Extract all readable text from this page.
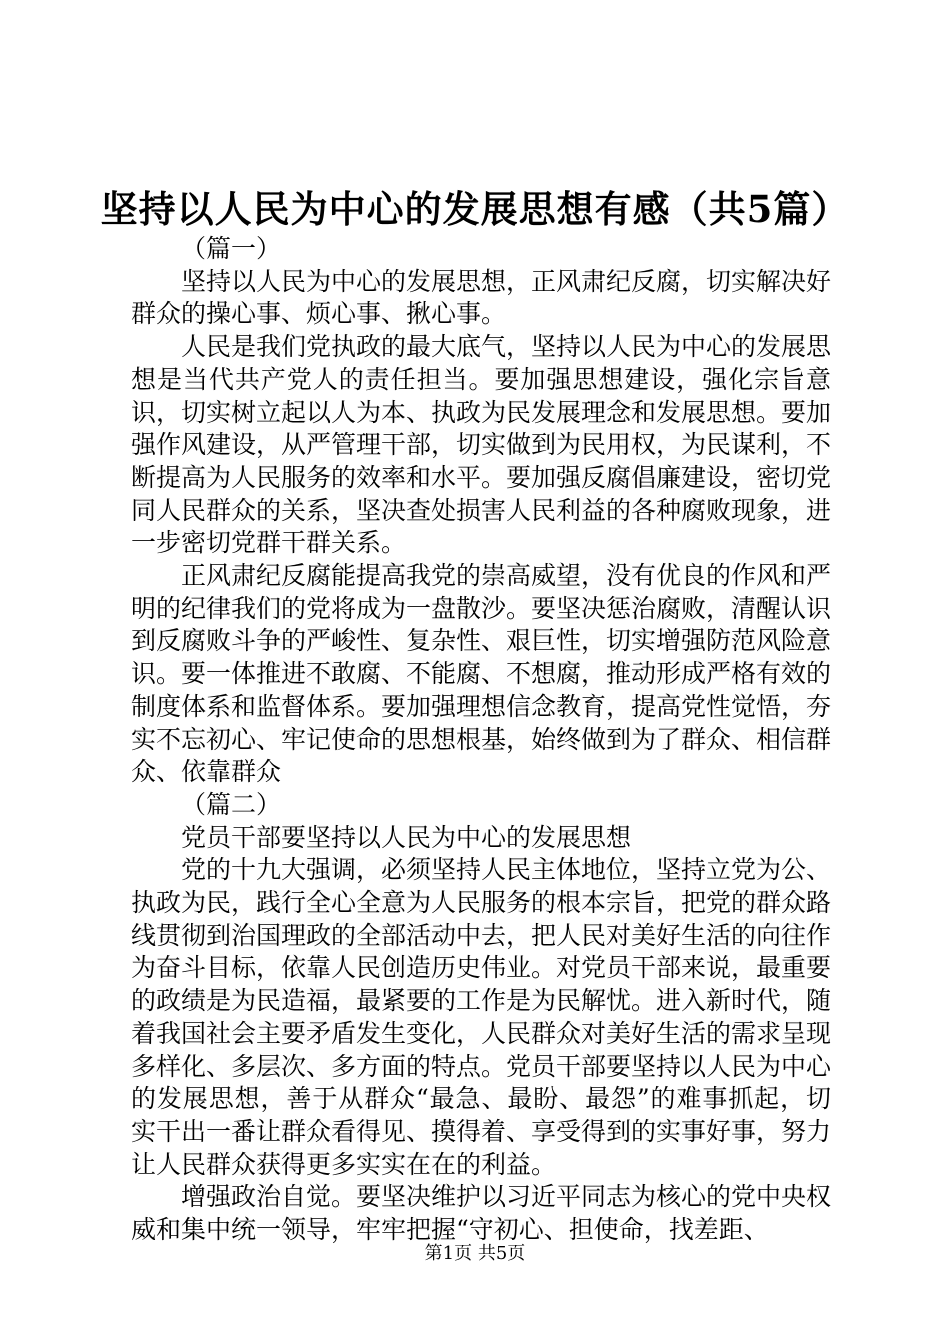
坚持以人民为中心的发展思想有感（共5篇）

（篇一）

坚持以人民为中心的发展思想，正风肃纪反腐，切实解决好群众的操心事、烦心事、揪心事。

人民是我们党执政的最大底气，坚持以人民为中心的发展思想是当代共产党人的责任担当。要加强思想建设，强化宗旨意识，切实树立起以人为本、执政为民发展理念和发展思想。要加强作风建设，从严管理干部，切实做到为民用权，为民谋利，不断提高为人民服务的效率和水平。要加强反腐倡廉建设，密切党同人民群众的关系，坚决查处损害人民利益的各种腐败现象，进一步密切党群干群关系。

正风肃纪反腐能提高我党的崇高威望，没有优良的作风和严明的纪律我们的党将成为一盘散沙。要坚决惩治腐败，清醒认识到反腐败斗争的严峻性、复杂性、艰巨性，切实增强防范风险意识。要一体推进不敢腐、不能腐、不想腐，推动形成严格有效的制度体系和监督体系。要加强理想信念教育，提高党性觉悟，夯实不忘初心、牢记使命的思想根基，始终做到为了群众、相信群众、依靠群众

（篇二）

党员干部要坚持以人民为中心的发展思想

党的十九大强调，必须坚持人民主体地位，坚持立党为公、执政为民，践行全心全意为人民服务的根本宗旨，把党的群众路线贯彻到治国理政的全部活动中去，把人民对美好生活的向往作为奋斗目标，依靠人民创造历史伟业。对党员干部来说，最重要的政绩是为民造福，最紧要的工作是为民解忧。进入新时代，随着我国社会主要矛盾发生变化，人民群众对美好生活的需求呈现多样化、多层次、多方面的特点。党员干部要坚持以人民为中心的发展思想，善于从群众“最急、最盼、最怨”的难事抓起，切实干出一番让群众看得见、摸得着、享受得到的实事好事，努力让人民群众获得更多实实在在的利益。

增强政治自觉。要坚决维护以习近平同志为核心的党中央权威和集中统一领导，牢牢把握“守初心、担使命，找差距、

第1页 共5页
